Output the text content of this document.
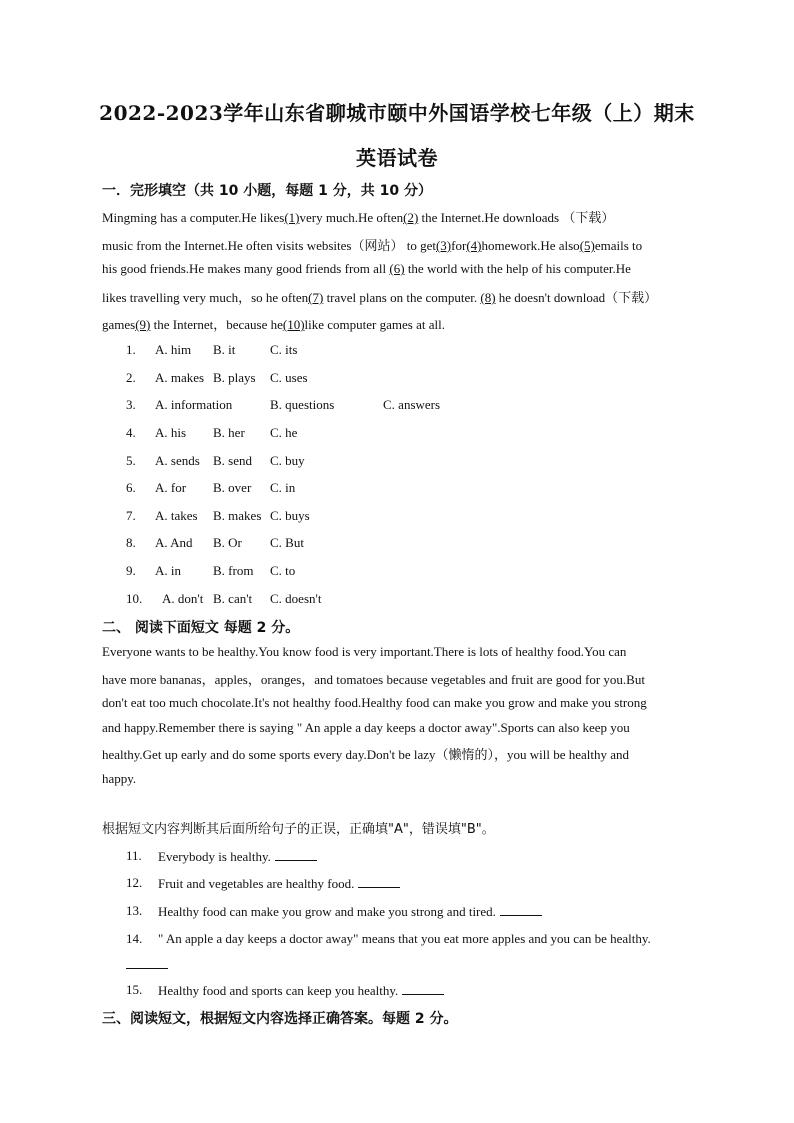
2022-2023学年山东省聊城市颐中外国语学校七年级（上）期末
英语试卷
一．完形填空（共 10 小题，每题 1 分，共 10 分）
Mingming has a computer.He likes(1)very much.He often(2) the Internet.He downloads （下载）
music from the Internet.He often visits websites（网站） to get(3)for(4)homework.He also(5)emails to
his good friends.He makes many good friends from all (6) the world with the help of his computer.He
likes travelling very much，so he often(7) travel plans on the computer. (8) he doesn't download（下载）
games(9) the Internet，because he(10)like computer games at all.
1. A. him B. it	C. its
2. A. makes B. plays C. uses
3. A. information	B. questions	C. answers
4. A. his B. her C. he
5. A. sends B. send C. buy
6. A. for B. over C. in
7. A. takes B. makes C. buys
8. A. And B. Or C. But
9. A. in B. from C. to
10. A. don't B. can't C. doesn't
二、 阅读下面短文 每题 2 分。
Everyone wants to be healthy.You know food is very important.There is lots of healthy food.You can
have more bananas，apples，oranges，and tomatoes because vegetables and fruit are good for you.But
don't eat too much chocolate.It's not healthy food.Healthy food can make you grow and make you strong
and happy.Remember there is saying " An apple a day keeps a doctor away".Sports can also keep you
healthy.Get up early and do some sports every day.Don't be lazy（懒惰的），you will be healthy and
happy.
根据短文内容判断其后面所给句子的正误，正确填"A"，错误填"B"。
11. Everybody is healthy.
12. Fruit and vegetables are healthy food.
13. Healthy food can make you grow and make you strong and tired.
14. " An apple a day keeps a doctor away" means that you eat more apples and you can be healthy.
15. Healthy food and sports can keep you healthy.
三、阅读短文，根据短文内容选择正确答案。每题 2 分。
